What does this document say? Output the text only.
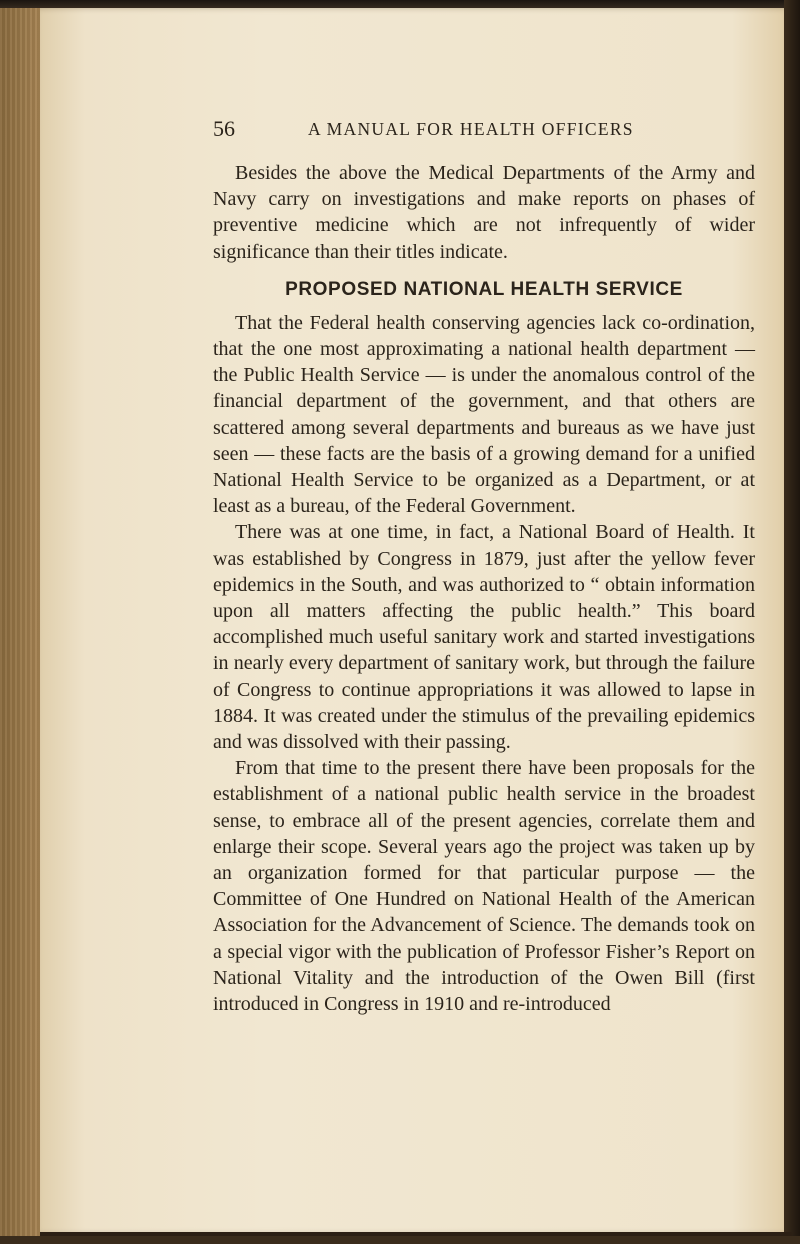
56	A MANUAL FOR HEALTH OFFICERS

Besides the above the Medical Departments of the Army and Navy carry on investigations and make reports on phases of preventive medicine which are not infrequently of wider significance than their titles indicate.

PROPOSED NATIONAL HEALTH SERVICE

That the Federal health conserving agencies lack co-ordination, that the one most approximating a national health department — the Public Health Service — is under the anomalous control of the financial department of the government, and that others are scattered among several departments and bureaus as we have just seen — these facts are the basis of a growing demand for a unified National Health Service to be organized as a Department, or at least as a bureau, of the Federal Government.

There was at one time, in fact, a National Board of Health. It was established by Congress in 1879, just after the yellow fever epidemics in the South, and was authorized to “ obtain information upon all matters affecting the public health.” This board accomplished much useful sanitary work and started investigations in nearly every department of sanitary work, but through the failure of Congress to continue appropriations it was allowed to lapse in 1884. It was created under the stimulus of the prevailing epidemics and was dissolved with their passing.

From that time to the present there have been proposals for the establishment of a national public health service in the broadest sense, to embrace all of the present agencies, correlate them and enlarge their scope. Several years ago the project was taken up by an organization formed for that particular purpose — the Committee of One Hundred on National Health of the American Association for the Advancement of Science. The demands took on a special vigor with the publication of Professor Fisher’s Report on National Vitality and the introduction of the Owen Bill (first introduced in Congress in 1910 and re-introduced
